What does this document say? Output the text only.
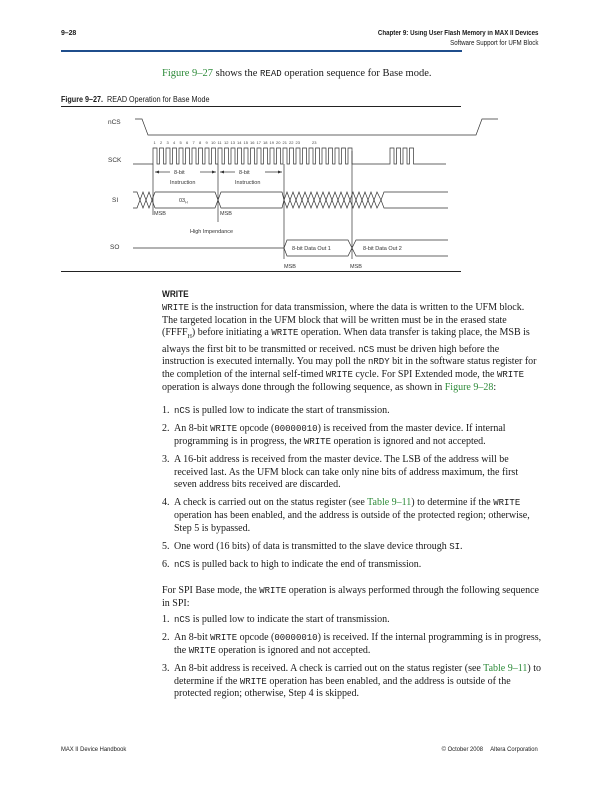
9–28	Chapter 9: Using User Flash Memory in MAX II Devices
Software Support for UFM Block
Figure 9–27 shows the READ operation sequence for Base mode.
Figure 9–27. READ Operation for Base Mode
nCS
SCK
SI
SO
1 2 3 4 5 6 7 8 9 10 11 12 13 14 15 16 17 18 19 20 21 22 23	23
8-bit
Instruction
8-bit
Instruction
$03_H$
MSB	MSB
High Impendance
8-bit Data Out 1	8-bit Data Out 2
MSB	MSB
WRITE
WRITE is the instruction for data transmission, where the data is written to the UFM block. The targeted location in the UFM block that will be written must be in the erased state $(FFFF_H)$ before initiating a WRITE operation. When data transfer is taking place, the MSB is always the first bit to be transmitted or received. nCS must be driven high before the instruction is executed internally. You may poll the nRDY bit in the software status register for the completion of the internal self-timed WRITE cycle. For SPI Extended mode, the WRITE operation is always done through the following sequence, as shown in Figure 9–28:
1. nCS is pulled low to indicate the start of transmission.
2. An 8-bit WRITE opcode (00000010) is received from the master device. If internal programming is in progress, the WRITE operation is ignored and not accepted.
3. A 16-bit address is received from the master device. The LSB of the address will be received last. As the UFM block can take only nine bits of address maximum, the first seven address bits received are discarded.
4. A check is carried out on the status register (see Table 9–11) to determine if the WRITE operation has been enabled, and the address is outside of the protected region; otherwise, Step 5 is bypassed.
5. One word (16 bits) of data is transmitted to the slave device through SI.
6. nCS is pulled back to high to indicate the end of transmission.
For SPI Base mode, the WRITE operation is always performed through the following sequence in SPI:
1. nCS is pulled low to indicate the start of transmission.
2. An 8-bit WRITE opcode (00000010) is received. If the internal programming is in progress, the WRITE operation is ignored and not accepted.
3. An 8-bit address is received. A check is carried out on the status register (see Table 9–11) to determine if the WRITE operation has been enabled, and the address is outside of the protected region; otherwise, Step 4 is skipped.
MAX II Device Handbook	© October 2008 Altera Corporation
